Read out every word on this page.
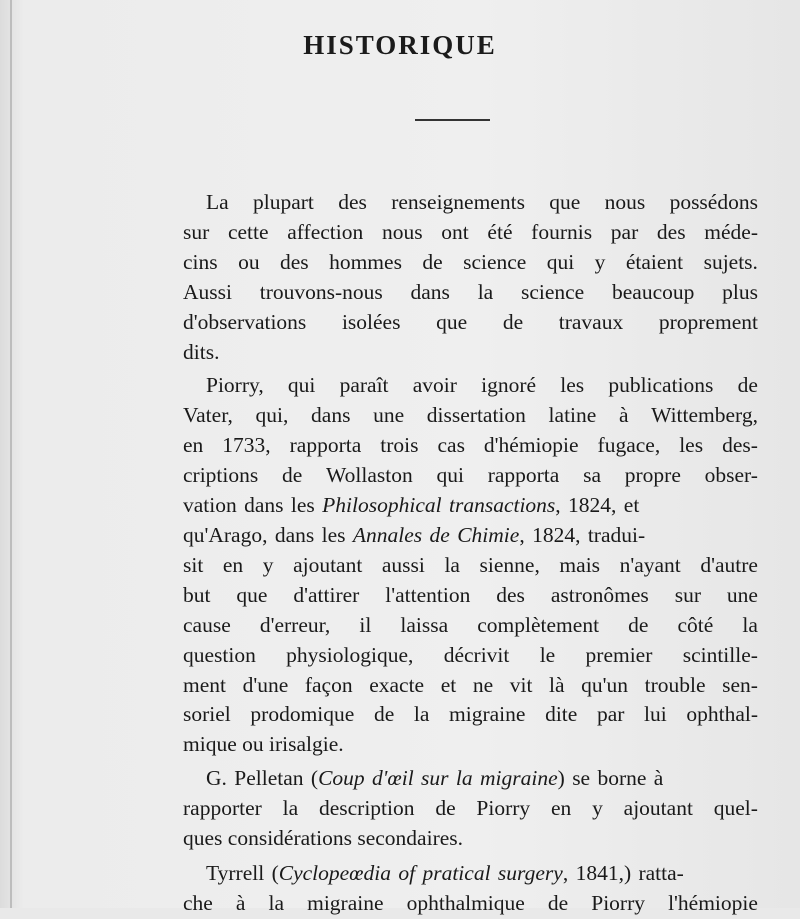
HISTORIQUE
La plupart des renseignements que nous possédons
sur cette affection nous ont été fournis par des méde-
cins ou des hommes de science qui y étaient sujets.
Aussi trouvons-nous dans la science beaucoup plus
d'observations isolées que de travaux proprement
dits.
Piorry, qui paraît avoir ignoré les publications de
Vater, qui, dans une dissertation latine à Wittemberg,
en 1733, rapporta trois cas d'hémiopie fugace, les des-
criptions de Wollaston qui rapporta sa propre obser-
vation dans les Philosophical transactions , 1824, et
qu'Arago, dans les Annales de Chimie , 1824, tradui-
sit en y ajoutant aussi la sienne, mais n'ayant d'autre
but que d'attirer l'attention des astronômes sur une
cause d'erreur, il laissa complètement de côté la
question physiologique, décrivit le premier scintille-
ment d'une façon exacte et ne vit là qu'un trouble sen-
soriel prodomique de la migraine dite par lui ophthal-
mique ou irisalgie.
G. Pelletan ( Coup d'œil sur la migraine ) se borne à
rapporter la description de Piorry en y ajoutant quel-
ques considérations secondaires.
Tyrrell ( Cyclopeœdia of pratical surgery , 1841,) ratta-
che à la migraine ophthalmique de Piorry l'hémiopie
